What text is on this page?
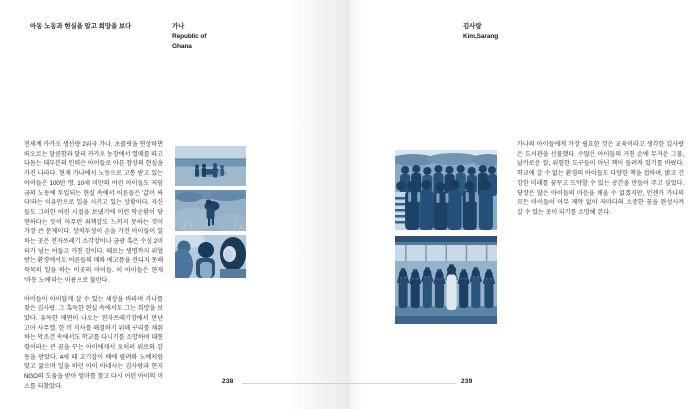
아동 노동과 현실을 알고 희망을 보다	가나
Republic of
Ghana
김사랑
Kim,Sarang

전세계 카카오 생산량 2위국 가나. 초콜릿을 연상하면 떠오르는 달콤함과 달리 카카오 농장에서 열매를 따고 다듬는 대부분의 인력은 아이들로 아픈 참상의 현실을 가진 나라다. 현재 가나에서 노동으로 고통 받고 있는 아이들은 100만 명. 10세 미만의 어린 아이들도 저임금의 노동에 투입되는 현실 속에서 어른들은 '값이 싸다'라는 이유만으로 일을 시키고 있는 상황이다. 자신들도 그러한 어린 시절을 보냈기에 이런 악순환이 당연하다는 듯이 아무런 죄책감도 느끼지 못하는 것이 가장 큰 문제이다. 상처투성이 손을 가진 아이들이 일하는 곳은 전자쓰레기 소각장이나 금광 혹은 수심 2미터가 넘는 어둡고 거친 강이다. 때로는 생명까지 위협받는 환경에서도 어른들의 매와 배고픔을 견디지 못해 묵묵히 일을 하는 이곳의 아이들. 이 아이들은 현재 '아동 노예'라는 이름으로 불린다.

아이들이 아이답게 살 수 있는 세상을 바라며 가나를 찾은 김사랑. 그 혹독한 현실 속에서도 그는 희망을 보았다. 유독한 매연이 나오는 전자쓰레기장에서 만난 고아 사무엘. 한 끼 식사를 해결하기 위해 구리를 채취하는 악조건 속에서도 학교를 다니기를 소망하며 대통령이라는 큰 꿈을 꾸는 아이에게서 오히려 위로와 감동을 받았다. 4세 때 고기잡이 배에 팔려와 노예처럼 맞고 굶으며 일을 하던 아이 아네사는 김사랑과 현지 NGO의 도움을 받아 엄마를 찾고 다시 어린 아이의 미소를 되찾았다.

가나의 아이들에게 가장 필요한 것은 교육이라고 생각한 김사랑은 도서관을 선물했다. 수많은 아이들의 거친 손에 무거운 그물, 날카로운 칼, 위험한 도구들이 아닌 책이 들려져 있기를 바랐다. 학교에 갈 수 없는 환경의 아이들도 다양한 책을 접하며, 밝고 건강한 미래를 꿈꾸고 도약할 수 있는 공간을 만들어 주고 싶었다. 당장은 많은 아이들의 마음을 채울 수 없겠지만, 언젠가 가나의 모든 아이들이 아무 제약 없이 저마다의 소중한 꿈을 완성시켜 갈 수 있는 곳이 되기를 소망해 본다.

238	239
